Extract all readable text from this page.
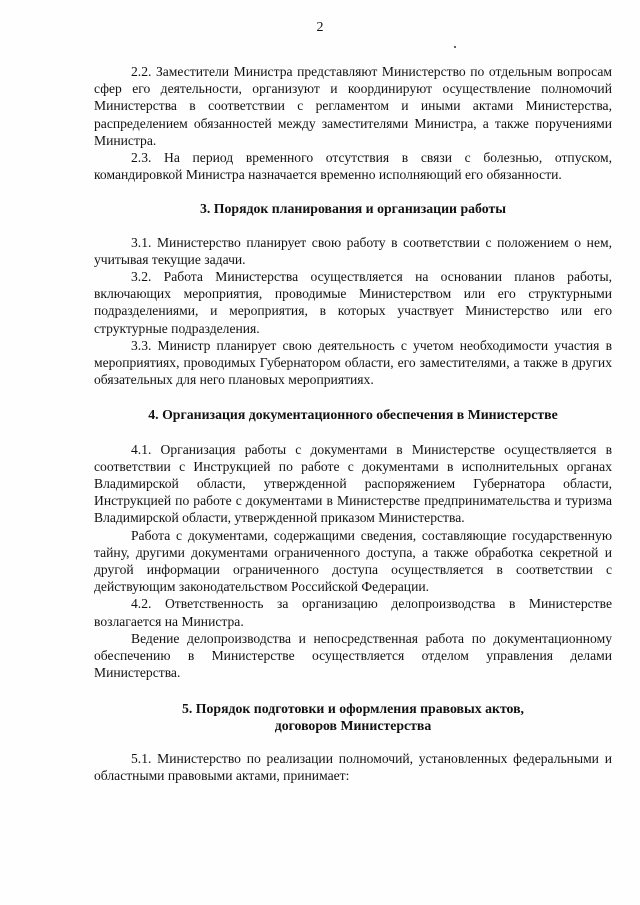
2

2.2. Заместители Министра представляют Министерство по отдельным вопросам сфер его деятельности, организуют и координируют осуществление полномочий Министерства в соответствии с регламентом и иными актами Министерства, распределением обязанностей между заместителями Министра, а также поручениями Министра.

2.3. На период временного отсутствия в связи с болезнью, отпуском, командировкой Министра назначается временно исполняющий его обязанности.

3. Порядок планирования и организации работы

3.1. Министерство планирует свою работу в соответствии с положением о нем, учитывая текущие задачи.

3.2. Работа Министерства осуществляется на основании планов работы, включающих мероприятия, проводимые Министерством или его структурными подразделениями, и мероприятия, в которых участвует Министерство или его структурные подразделения.

3.3. Министр планирует свою деятельность с учетом необходимости участия в мероприятиях, проводимых Губернатором области, его заместителями, а также в других обязательных для него плановых мероприятиях.

4. Организация документационного обеспечения в Министерстве

4.1. Организация работы с документами в Министерстве осуществляется в соответствии с Инструкцией по работе с документами в исполнительных органах Владимирской области, утвержденной распоряжением Губернатора области, Инструкцией по работе с документами в Министерстве предпринимательства и туризма Владимирской области, утвержденной приказом Министерства.

Работа с документами, содержащими сведения, составляющие государственную тайну, другими документами ограниченного доступа, а также обработка секретной и другой информации ограниченного доступа осуществляется в соответствии с действующим законодательством Российской Федерации.

4.2. Ответственность за организацию делопроизводства в Министерстве возлагается на Министра.

Ведение делопроизводства и непосредственная работа по документационному обеспечению в Министерстве осуществляется отделом управления делами Министерства.

5. Порядок подготовки и оформления правовых актов,
договоров Министерства

5.1. Министерство по реализации полномочий, установленных федеральными и областными правовыми актами, принимает:
